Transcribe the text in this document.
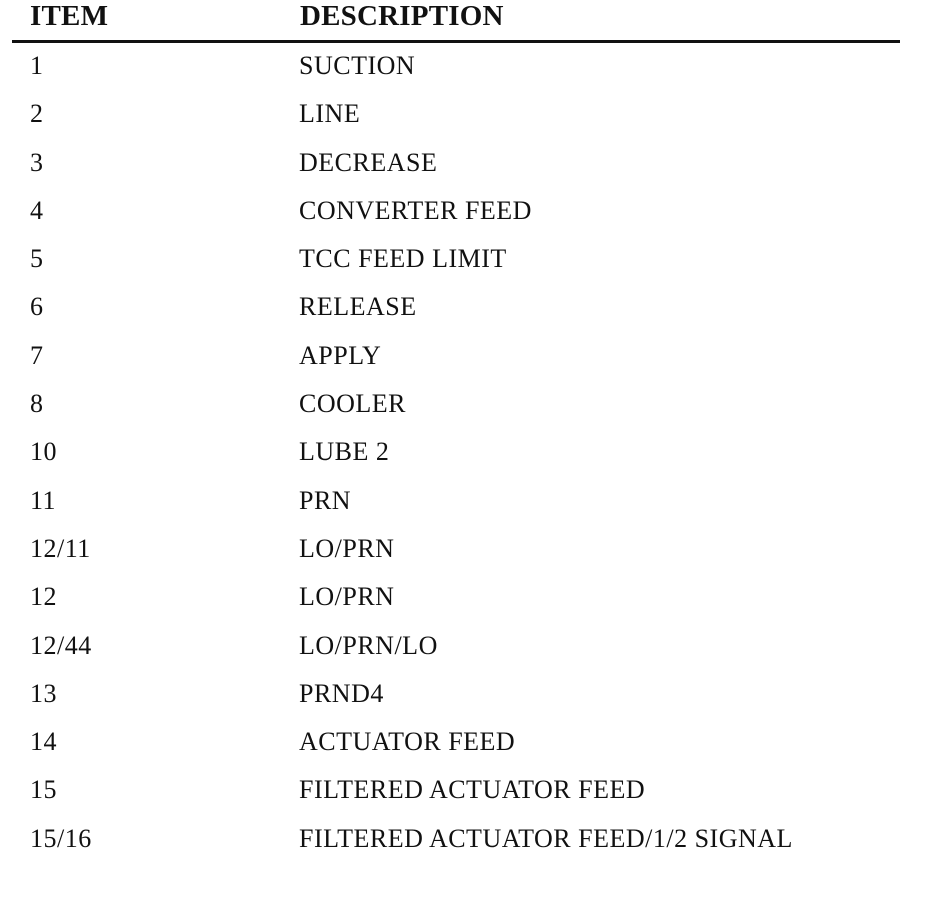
ITEM	DESCRIPTION
1	SUCTION
2	LINE
3	DECREASE
4	CONVERTER FEED
5	TCC FEED LIMIT
6	RELEASE
7	APPLY
8	COOLER
10	LUBE 2
11	PRN
12/11	LO/PRN
12	LO/PRN
12/44	LO/PRN/LO
13	PRND4
14	ACTUATOR FEED
15	FILTERED ACTUATOR FEED
15/16	FILTERED ACTUATOR FEED/1/2 SIGNAL
